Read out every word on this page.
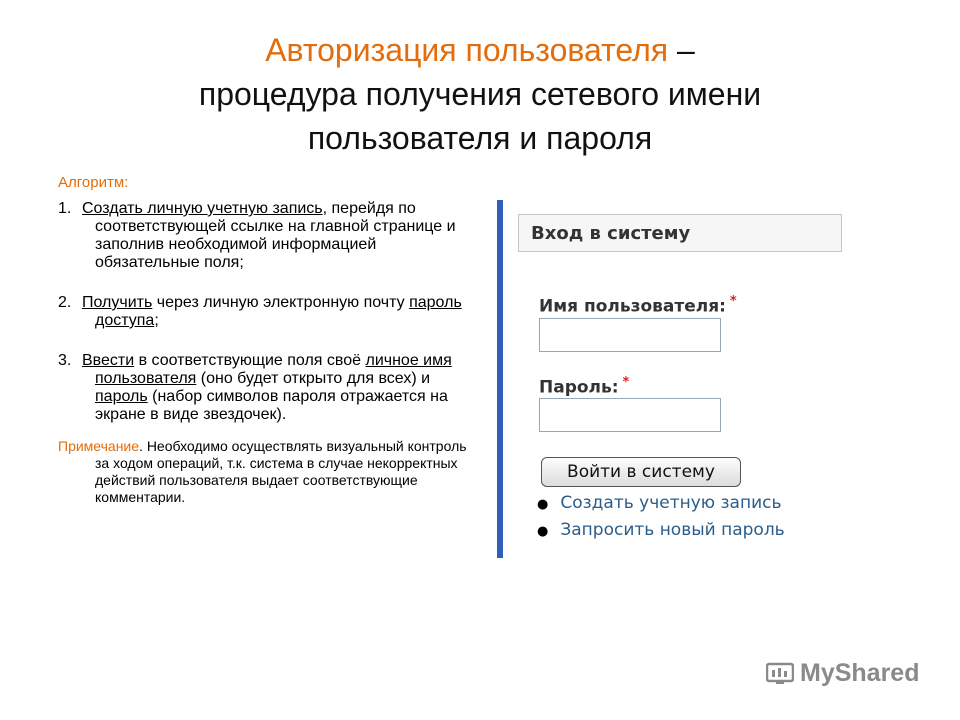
Авторизация пользователя –
процедура получения сетевого имени
пользователя и пароля
Алгоритм:

1. Создать личную учетную запись, перейдя по соответствующей ссылке на главной странице и заполнив необходимой информацией обязательные поля;

2. Получить через личную электронную почту пароль доступа;

3. Ввести в соответствующие поля своё личное имя пользователя (оно будет открыто для всех) и пароль (набор символов пароля отражается на экране в виде звездочек).

Примечание. Необходимо осуществлять визуальный контроль за ходом операций, т.к. система в случае некорректных действий пользователя выдает соответствующие комментарии.

Вход в систему
Имя пользователя: *
Пароль: *
Войти в систему
● Создать учетную запись
● Запросить новый пароль
MyShared
